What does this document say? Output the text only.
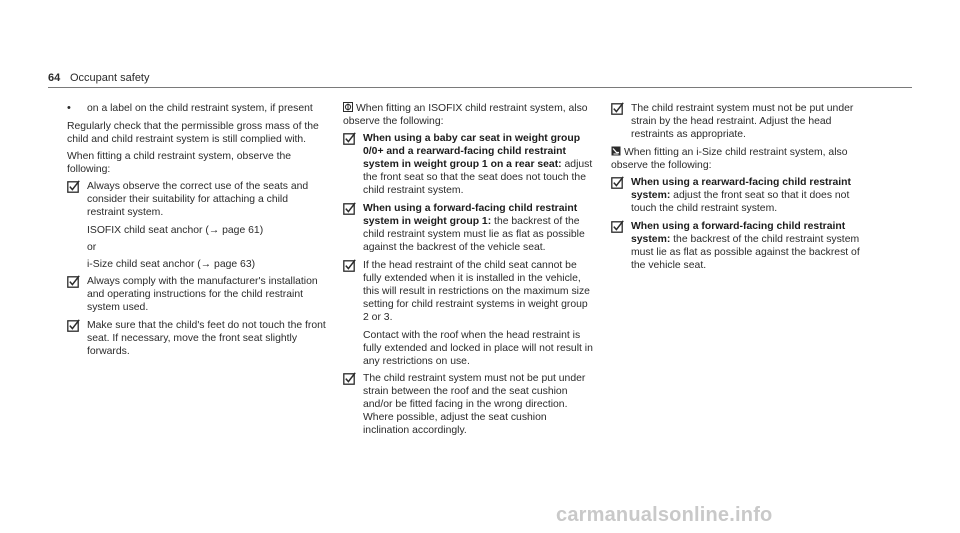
64 Occupant safety
• on a label on the child restraint system, if present

Regularly check that the permissible gross mass of the child and child restraint system is still complied with.

When fitting a child restraint system, observe the following:

Always observe the correct use of the seats and consider their suitability for attaching a child restraint system.

ISOFIX child seat anchor (→ page 61)

or

i-Size child seat anchor (→ page 63)

Always comply with the manufacturer's installation and operating instructions for the child restraint system used.
Make sure that the child's feet do not touch the front seat. If necessary, move the front seat slightly forwards.

When fitting an ISOFIX child restraint system, also observe the following:

When using a baby car seat in weight group 0/0+ and a rearward-facing child restraint system in weight group 1 on a rear seat: adjust the front seat so that the seat does not touch the child restraint system.
When using a forward-facing child restraint system in weight group 1: the backrest of the child restraint system must lie as flat as possible against the backrest of the vehicle seat.
If the head restraint of the child seat cannot be fully extended when it is installed in the vehicle, this will result in restrictions on the maximum size setting for child restraint systems in weight group 2 or 3.

Contact with the roof when the head restraint is fully extended and locked in place will not result in any restrictions on use.

The child restraint system must not be put under strain between the roof and the seat cushion and/or be fitted facing in the wrong direction. Where possible, adjust the seat cushion inclination accordingly.
The child restraint system must not be put under strain by the head restraint. Adjust the head restraints as appropriate.

When fitting an i-Size child restraint system, also observe the following:

When using a rearward-facing child restraint system: adjust the front seat so that it does not touch the child restraint system.
When using a forward-facing child restraint system: the backrest of the child restraint system must lie as flat as possible against the backrest of the vehicle seat.
carmanualsonline.info
